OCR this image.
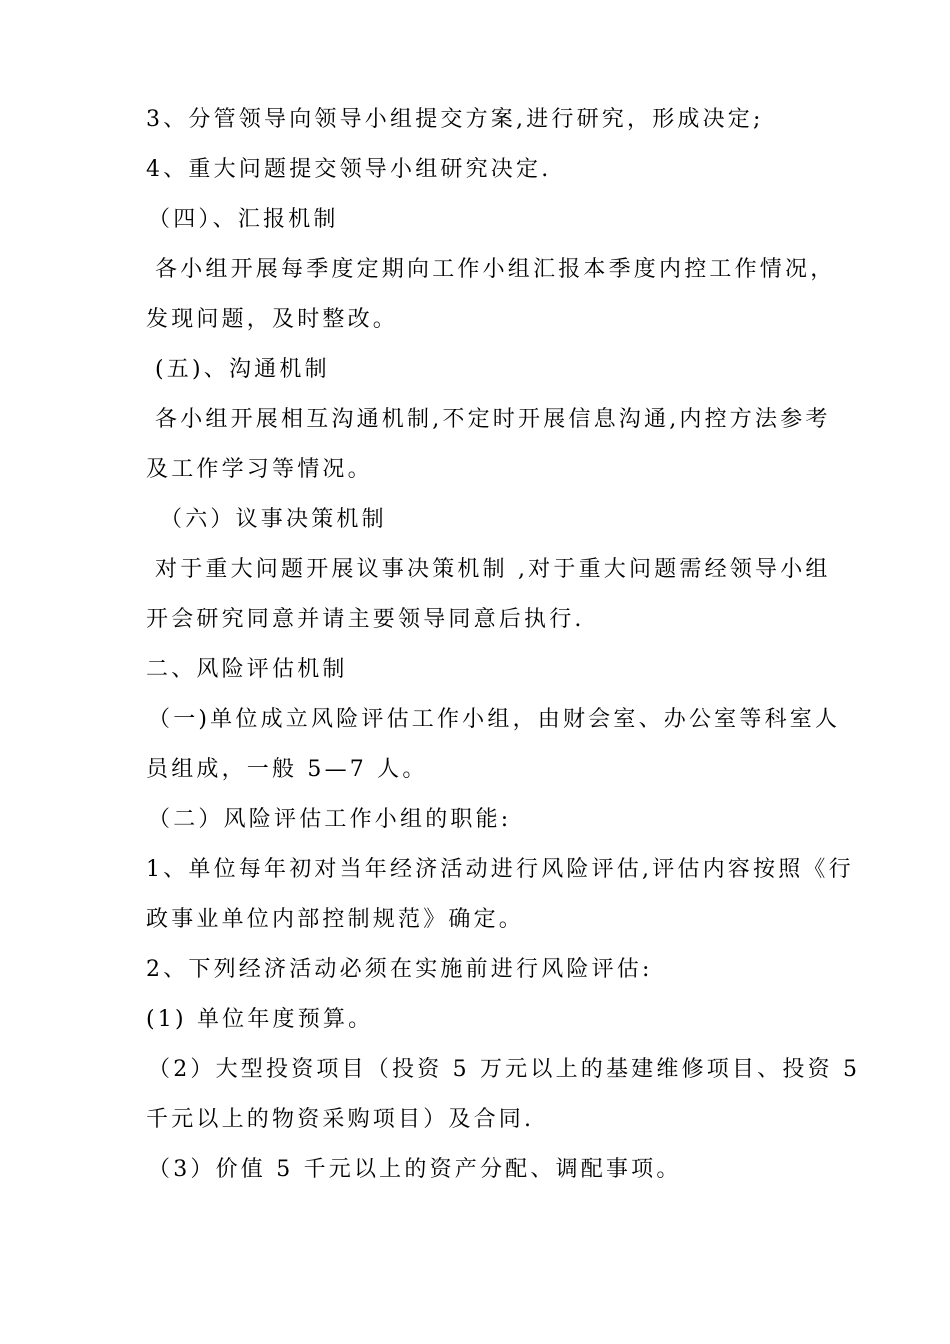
3、分管领导向领导小组提交方案,进行研究，形成决定;
4、重大问题提交领导小组研究决定.
（四）、汇报机制
各小组开展每季度定期向工作小组汇报本季度内控工作情况，
发现问题，及时整改。
(五)、沟通机制
各小组开展相互沟通机制,不定时开展信息沟通,内控方法参考
及工作学习等情况。
（六）议事决策机制
对于重大问题开展议事决策机制 ,对于重大问题需经领导小组
开会研究同意并请主要领导同意后执行.
二、风险评估机制
（一)单位成立风险评估工作小组，由财会室、办公室等科室人
员组成，一般 5—7 人。
（二）风险评估工作小组的职能:
1、单位每年初对当年经济活动进行风险评估,评估内容按照《行
政事业单位内部控制规范》确定。
2、下列经济活动必须在实施前进行风险评估:
(1) 单位年度预算。
（2）大型投资项目（投资 5 万元以上的基建维修项目、投资 5
千元以上的物资采购项目）及合同.
（3）价值 5 千元以上的资产分配、调配事项。
